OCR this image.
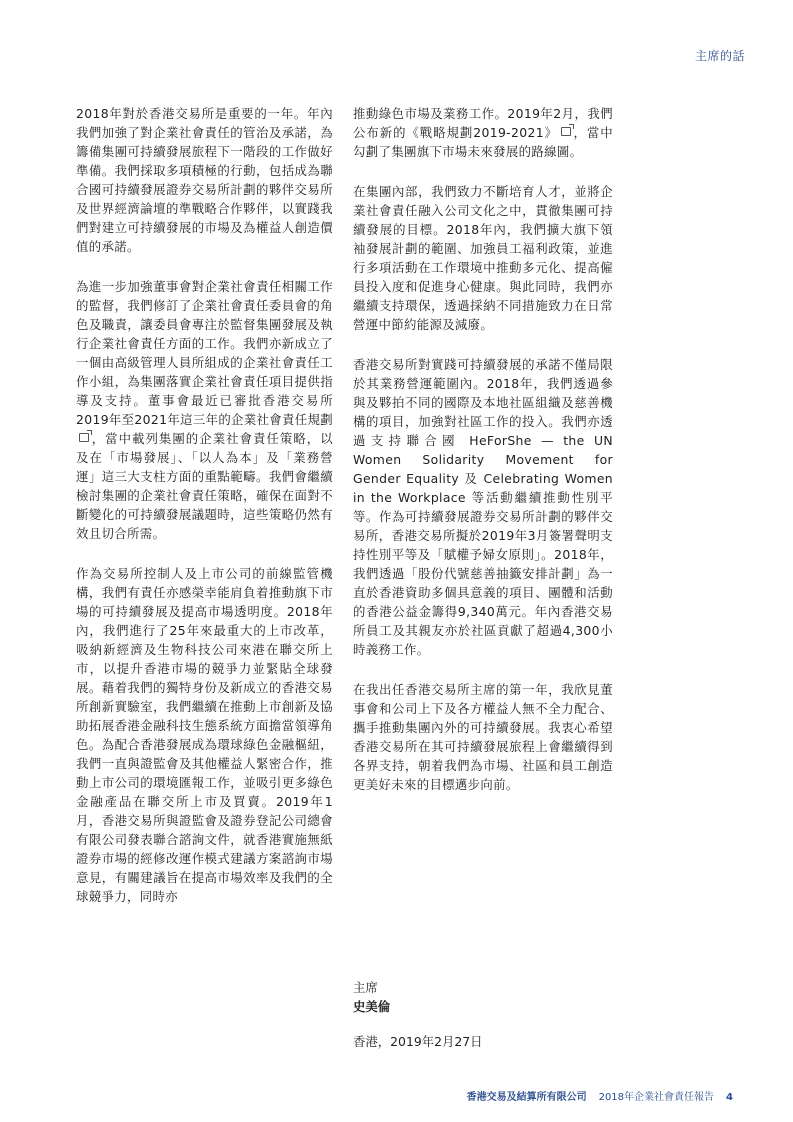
主席的話

2018年對於香港交易所是重要的一年。年內我們加強了對企業社會責任的管治及承諾，為籌備集團可持續發展旅程下一階段的工作做好準備。我們採取多項積極的行動，包括成為聯合國可持續發展證券交易所計劃的夥伴交易所及世界經濟論壇的準戰略合作夥伴，以實踐我們對建立可持續發展的市場及為權益人創造價值的承諾。

為進一步加強董事會對企業社會責任相關工作的監督，我們修訂了企業社會責任委員會的角色及職責，讓委員會專注於監督集團發展及執行企業社會責任方面的工作。我們亦新成立了一個由高級管理人員所組成的企業社會責任工作小組，為集團落實企業社會責任項目提供指導及支持。董事會最近已審批香港交易所2019年至2021年這三年的企業社會責任規劃，當中載列集團的企業社會責任策略，以及在「市場發展」、「以人為本」及「業務營運」這三大支柱方面的重點範疇。我們會繼續檢討集團的企業社會責任策略，確保在面對不斷變化的可持續發展議題時，這些策略仍然有效且切合所需。

作為交易所控制人及上市公司的前線監管機構，我們有責任亦感榮幸能肩負着推動旗下市場的可持續發展及提高市場透明度。2018年內，我們進行了25年來最重大的上市改革，吸納新經濟及生物科技公司來港在聯交所上市，以提升香港市場的競爭力並緊貼全球發展。藉着我們的獨特身份及新成立的香港交易所創新實驗室，我們繼續在推動上市創新及協助拓展香港金融科技生態系統方面擔當領導角色。為配合香港發展成為環球綠色金融樞紐，我們一直與證監會及其他權益人緊密合作，推動上市公司的環境匯報工作，並吸引更多綠色金融產品在聯交所上市及買賣。2019年1月，香港交易所與證監會及證券登記公司總會有限公司發表聯合諮詢文件，就香港實施無紙證券市場的經修改運作模式建議方案諮詢市場意見，有關建議旨在提高市場效率及我們的全球競爭力，同時亦

推動綠色市場及業務工作。2019年2月，我們公布新的《戰略規劃2019-2021》 ，當中勾劃了集團旗下市場未來發展的路線圖。

在集團內部，我們致力不斷培育人才，並將企業社會責任融入公司文化之中，貫徹集團可持續發展的目標。2018年內，我們擴大旗下領袖發展計劃的範圍、加強員工福利政策，並進行多項活動在工作環境中推動多元化、提高僱員投入度和促進身心健康。與此同時，我們亦繼續支持環保，透過採納不同措施致力在日常營運中節約能源及減廢。

香港交易所對實踐可持續發展的承諾不僅局限於其業務營運範圍內。2018年，我們透過參與及夥拍不同的國際及本地社區組織及慈善機構的項目，加強對社區工作的投入。我們亦透過支持聯合國 HeForShe — the UN Women Solidarity Movement for Gender Equality 及 Celebrating Women in the Workplace 等活動繼續推動性別平等。作為可持續發展證券交易所計劃的夥伴交易所，香港交易所擬於2019年3月簽署聲明支持性別平等及「賦權予婦女原則」。2018年，我們透過「股份代號慈善抽籤安排計劃」為一直於香港資助多個具意義的項目、團體和活動的香港公益金籌得9,340萬元。年內香港交易所員工及其親友亦於社區貢獻了超過4,300小時義務工作。

在我出任香港交易所主席的第一年，我欣見董事會和公司上下及各方權益人無不全力配合、攜手推動集團內外的可持續發展。我衷心希望香港交易所在其可持續發展旅程上會繼續得到各界支持，朝着我們為市場、社區和員工創造更美好未來的目標邁步向前。

主席

史美倫

香港，2019年2月27日

香港交易及結算所有限公司 2018年企業社會責任報告 4
